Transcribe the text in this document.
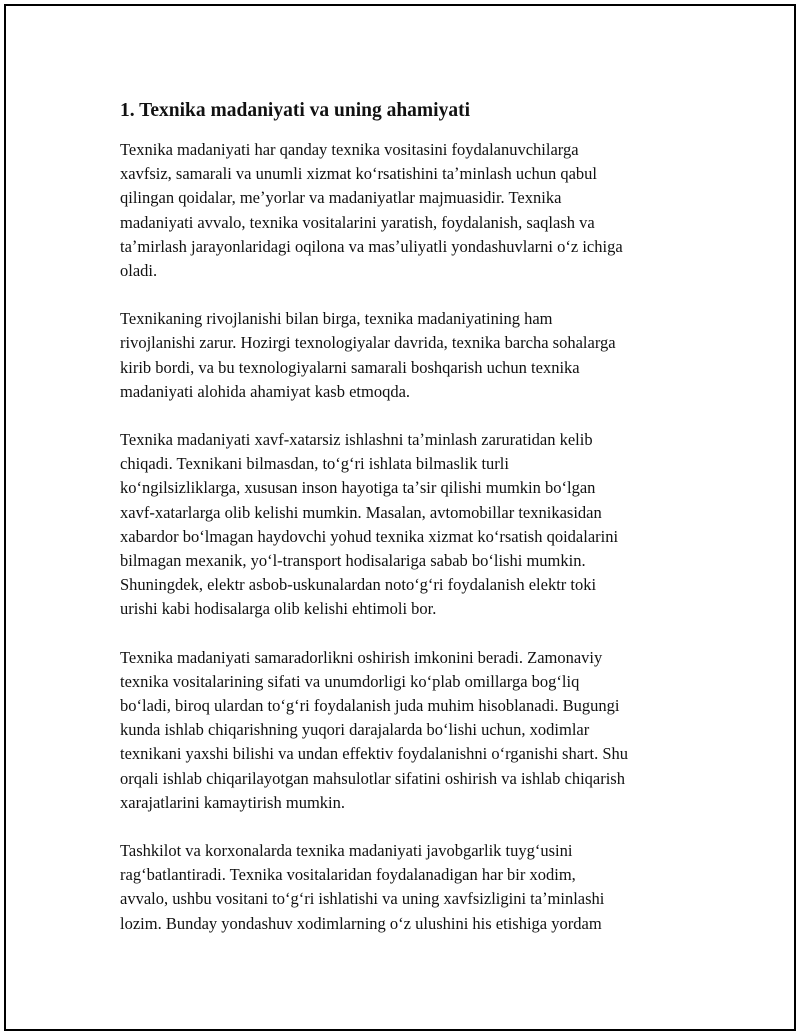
1. Texnika madaniyati va uning ahamiyati

Texnika madaniyati har qanday texnika vositasini foydalanuvchilarga
xavfsiz, samarali va unumli xizmat koʻrsatishini taʼminlash uchun qabul
qilingan qoidalar, meʼyorlar va madaniyatlar majmuasidir. Texnika
madaniyati avvalo, texnika vositalarini yaratish, foydalanish, saqlash va
taʼmirlash jarayonlaridagi oqilona va masʼuliyatli yondashuvlarni oʻz ichiga
oladi.

Texnikaning rivojlanishi bilan birga, texnika madaniyatining ham
rivojlanishi zarur. Hozirgi texnologiyalar davrida, texnika barcha sohalarga
kirib bordi, va bu texnologiyalarni samarali boshqarish uchun texnika
madaniyati alohida ahamiyat kasb etmoqda.

Texnika madaniyati xavf-xatarsiz ishlashni taʼminlash zaruratidan kelib
chiqadi. Texnikani bilmasdan, toʻgʻri ishlata bilmaslik turli
koʻngilsizliklarga, xususan inson hayotiga taʼsir qilishi mumkin boʻlgan
xavf-xatarlarga olib kelishi mumkin. Masalan, avtomobillar texnikasidan
xabardor boʻlmagan haydovchi yohud texnika xizmat koʻrsatish qoidalarini
bilmagan mexanik, yoʻl-transport hodisalariga sabab boʻlishi mumkin.
Shuningdek, elektr asbob-uskunalardan notoʻgʻri foydalanish elektr toki
urishi kabi hodisalarga olib kelishi ehtimoli bor.

Texnika madaniyati samaradorlikni oshirish imkonini beradi. Zamonaviy
texnika vositalarining sifati va unumdorligi koʻplab omillarga bogʻliq
boʻladi, biroq ulardan toʻgʻri foydalanish juda muhim hisoblanadi. Bugungi
kunda ishlab chiqarishning yuqori darajalarda boʻlishi uchun, xodimlar
texnikani yaxshi bilishi va undan effektiv foydalanishni oʻrganishi shart. Shu
orqali ishlab chiqarilayotgan mahsulotlar sifatini oshirish va ishlab chiqarish
xarajatlarini kamaytirish mumkin.

Tashkilot va korxonalarda texnika madaniyati javobgarlik tuygʻusini
ragʻbatlantiradi. Texnika vositalaridan foydalanadigan har bir xodim,
avvalo, ushbu vositani toʻgʻri ishlatishi va uning xavfsizligini taʼminlashi
lozim. Bunday yondashuv xodimlarning oʻz ulushini his etishiga yordam
